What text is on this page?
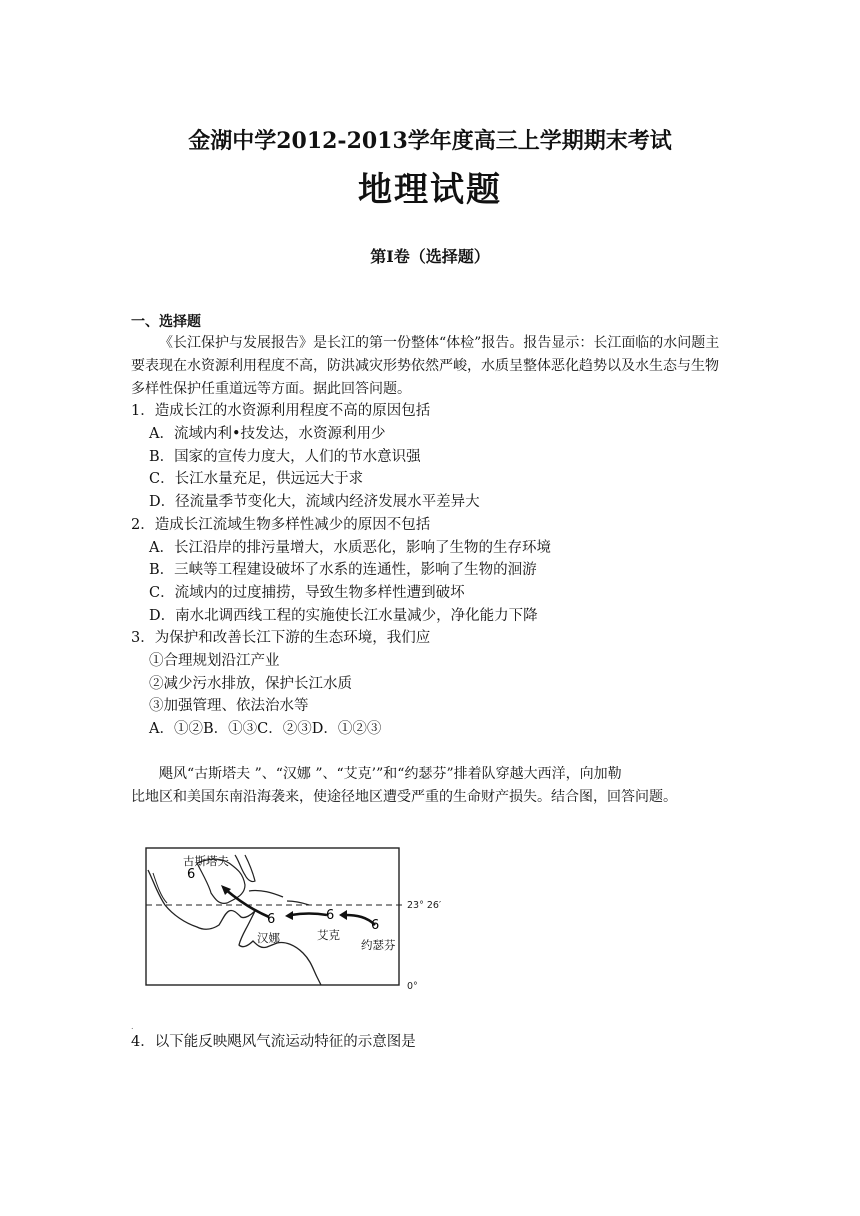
金湖中学2012-2013学年度高三上学期期末考试
地理试题
第Ⅰ卷（选择题）
一、选择题
《长江保护与发展报告》是长江的第一份整体“体检”报告。报告显示：长江面临的水问题主要表现在水资源利用程度不高，防洪减灾形势依然严峻，水质呈整体恶化趋势以及水生态与生物多样性保护任重道远等方面。据此回答问题。
1．造成长江的水资源利用程度不高的原因包括
A．流域内利•技发达，水资源利用少
B．国家的宣传力度大，人们的节水意识强
C．长江水量充足，供远远大于求
D．径流量季节变化大，流域内经济发展水平差异大
2．造成长江流域生物多样性减少的原因不包括
A．长江沿岸的排污量增大，水质恶化，影响了生物的生存环境
B．三峡等工程建设破坏了水系的连通性，影响了生物的洄游
C．流域内的过度捕捞，导致生物多样性遭到破坏
D．南水北调西线工程的实施使长江水量减少，净化能力下降
3．为保护和改善长江下游的生态环境，我们应
①合理规划沿江产业
②减少污水排放，保护长江水质
③加强管理、依法治水等
A．①②B．①③C．②③D．①②③
飓风“古斯塔夫 ”、“汉娜 ”、“艾克’”和“约瑟芬”排着队穿越大西洋，向加勒
比地区和美国东南沿海袭来，使途径地区遭受严重的生命财产损失。结合图，回答问题。
23° 26′
0°
6
6	6
6
古斯塔夫
汉娜	艾克
约瑟芬
.
4．以下能反映飓风气流运动特征的示意图是
